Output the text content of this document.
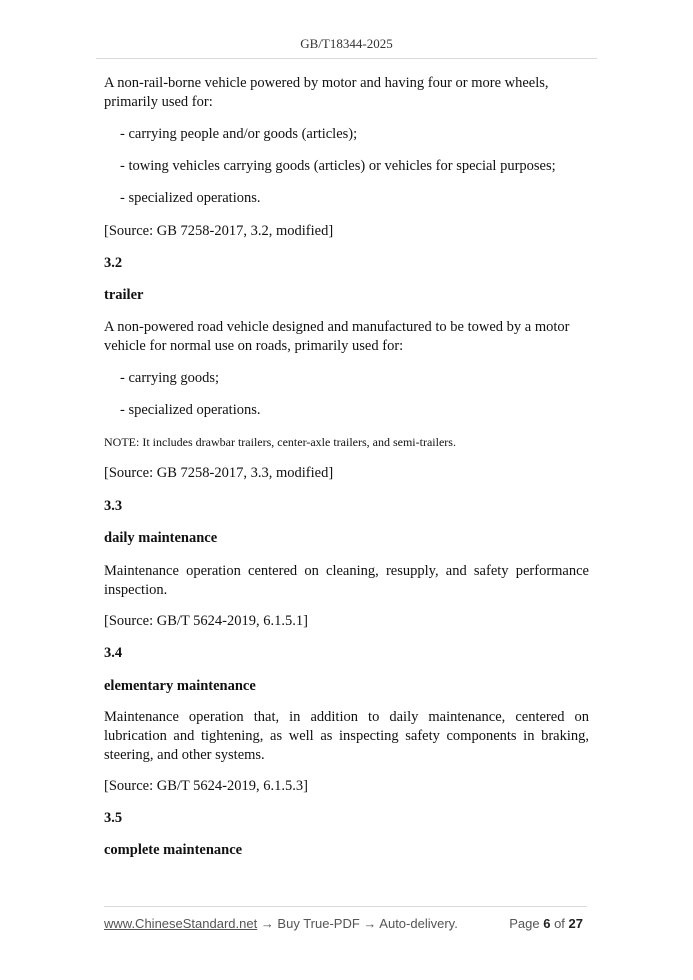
GB/T18344-2025

A non-rail-borne vehicle powered by motor and having four or more wheels, primarily used for:

- carrying people and/or goods (articles);

- towing vehicles carrying goods (articles) or vehicles for special purposes;

- specialized operations.

[Source: GB 7258-2017, 3.2, modified]

3.2

trailer

A non-powered road vehicle designed and manufactured to be towed by a motor vehicle for normal use on roads, primarily used for:

- carrying goods;

- specialized operations.

NOTE: It includes drawbar trailers, center-axle trailers, and semi-trailers.

[Source: GB 7258-2017, 3.3, modified]

3.3

daily maintenance

Maintenance operation centered on cleaning, resupply, and safety performance inspection.

[Source: GB/T 5624-2019, 6.1.5.1]

3.4

elementary maintenance

Maintenance operation that, in addition to daily maintenance, centered on lubrication and tightening, as well as inspecting safety components in braking, steering, and other systems.

[Source: GB/T 5624-2019, 6.1.5.3]

3.5

complete maintenance

www.ChineseStandard.net → Buy True-PDF → Auto-delivery.	Page 6 of 27
